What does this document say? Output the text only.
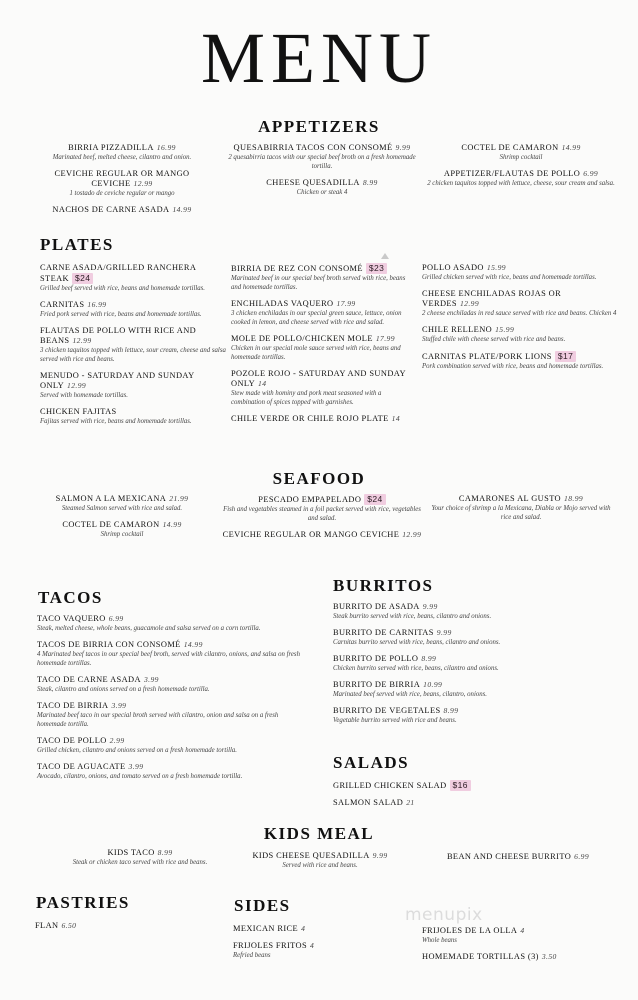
MENU
APPETIZERS
BIRRIA PIZZADILLA 16.99
Marinated beef, melted cheese, cilantro and onion.
CEVICHE REGULAR OR MANGO CEVICHE 12.99
1 tostado de ceviche regular or mango
NACHOS DE CARNE ASADA 14.99
QUESABIRRIA TACOS CON CONSOMÉ 9.99
2 quesabirria tacos with our special beef broth on a fresh homemade tortilla.
CHEESE QUESADILLA 8.99
Chicken or steak 4
COCTEL DE CAMARON 14.99
Shrimp cocktail
APPETIZER/FLAUTAS DE POLLO 6.99
2 chicken taquitos topped with lettuce, cheese, sour cream and salsa.
PLATES
CARNE ASADA/GRILLED RANCHERA STEAK $24
Grilled beef served with rice, beans and homemade tortillas.
CARNITAS 16.99
Fried pork served with rice, beans and homemade tortillas.
FLAUTAS DE POLLO WITH RICE AND BEANS 12.99
3 chicken taquitos topped with lettuce, sour cream, cheese and salsa served with rice and beans.
MENUDO - SATURDAY AND SUNDAY ONLY 12.99
Served with homemade tortillas.
CHICKEN FAJITAS
Fajitas served with rice, beans and homemade tortillas.
BIRRIA DE REZ CON CONSOMÉ $23
Marinated beef in our special beef broth served with rice, beans and homemade tortillas.
ENCHILADAS VAQUERO 17.99
3 chicken enchiladas in our special green sauce, lettuce, onion cooked in lemon, and cheese served with rice and salad.
MOLE DE POLLO/CHICKEN MOLE 17.99
Chicken in our special mole sauce served with rice, beans and homemade tortillas.
POZOLE ROJO - SATURDAY AND SUNDAY ONLY 14
Stew made with hominy and pork meat seasoned with a combination of spices topped with garnishes.
CHILE VERDE OR CHILE ROJO PLATE 14
POLLO ASADO 15.99
Grilled chicken served with rice, beans and homemade tortillas.
CHEESE ENCHILADAS ROJAS OR VERDES 12.99
2 cheese enchiladas in red sauce served with rice and beans. Chicken 4
CHILE RELLENO 15.99
Stuffed chile with cheese served with rice and beans.
CARNITAS PLATE/PORK LIONS $17
Pork combination served with rice, beans and homemade tortillas.
SEAFOOD
SALMON A LA MEXICANA 21.99
Steamed Salmon served with rice and salad.
COCTEL DE CAMARON 14.99
Shrimp cocktail
PESCADO EMPAPELADO $24
Fish and vegetables steamed in a foil packet served with rice, vegetables and salad.
CEVICHE REGULAR OR MANGO CEVICHE 12.99
CAMARONES AL GUSTO 18.99
Your choice of shrimp a la Mexicana, Diabla or Mojo served with rice and salad.
TACOS
TACO VAQUERO 6.99
Steak, melted cheese, whole beans, guacamole and salsa served on a corn tortilla.
TACOS DE BIRRIA CON CONSOMÉ 14.99
4 Marinated beef tacos in our special beef broth, served with cilantro, onions, and salsa on fresh homemade tortillas.
TACO DE CARNE ASADA 3.99
Steak, cilantro and onions served on a fresh homemade tortilla.
TACO DE BIRRIA 3.99
Marinated beef taco in our special broth served with cilantro, onion and salsa on a fresh homemade tortilla.
TACO DE POLLO 2.99
Grilled chicken, cilantro and onions served on a fresh homemade tortilla.
TACO DE AGUACATE 3.99
Avocado, cilantro, onions, and tomato served on a fresh homemade tortilla.
BURRITOS
BURRITO DE ASADA 9.99
Steak burrito served with rice, beans, cilantro and onions.
BURRITO DE CARNITAS 9.99
Carnitas burrito served with rice, beans, cilantro and onions.
BURRITO DE POLLO 8.99
Chicken burrito served with rice, beans, cilantro and onions.
BURRITO DE BIRRIA 10.99
Marinated beef served with rice, beans, cilantro, onions.
BURRITO DE VEGETALES 8.99
Vegetable burrito served with rice and beans.
SALADS
GRILLED CHICKEN SALAD $16
SALMON SALAD 21
KIDS MEAL
KIDS TACO 8.99
Steak or chicken taco served with rice and beans.
KIDS CHEESE QUESADILLA 9.99
Served with rice and beans.
BEAN AND CHEESE BURRITO 6.99
PASTRIES
FLAN 6.50
SIDES
MEXICAN RICE 4
FRIJOLES FRITOS 4
Refried beans
FRIJOLES DE LA OLLA 4
Whole beans
HOMEMADE TORTILLAS (3) 3.50
menupix
